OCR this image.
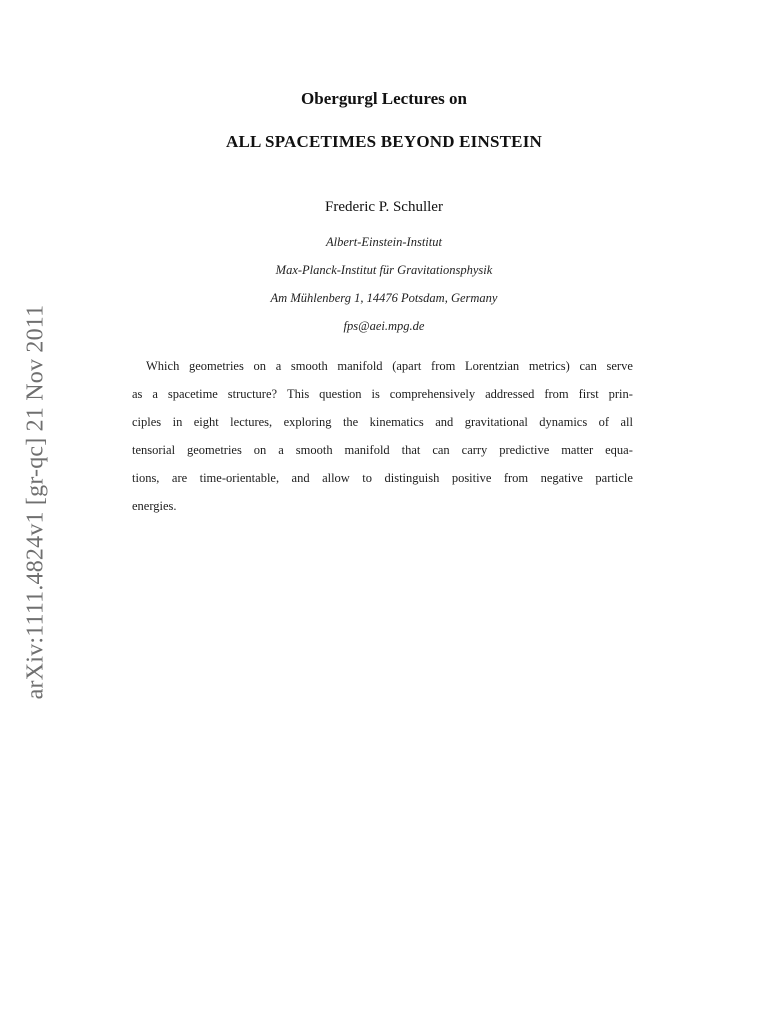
arXiv:1111.4824v1 [gr-qc] 21 Nov 2011
Obergurgl Lectures on
ALL SPACETIMES BEYOND EINSTEIN
Frederic P. Schuller
Albert-Einstein-Institut
Max-Planck-Institut für Gravitationsphysik
Am Mühlenberg 1, 14476 Potsdam, Germany
fps@aei.mpg.de
Which geometries on a smooth manifold (apart from Lorentzian metrics) can serve
as a spacetime structure? This question is comprehensively addressed from first prin-
ciples in eight lectures, exploring the kinematics and gravitational dynamics of all
tensorial geometries on a smooth manifold that can carry predictive matter equa-
tions, are time-orientable, and allow to distinguish positive from negative particle
energies.
